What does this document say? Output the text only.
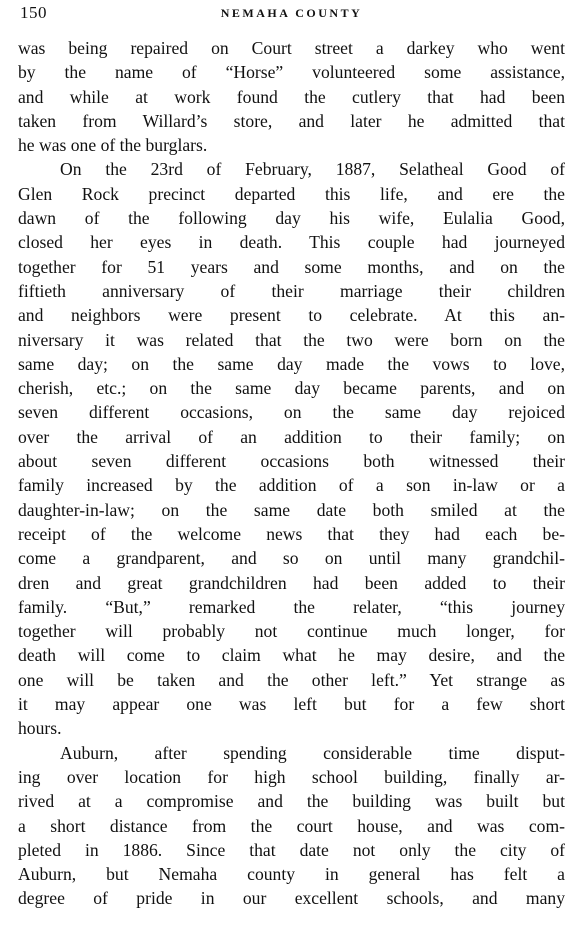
150	NEMAHA COUNTY
was being repaired on Court street a darkey who went
by the name of “Horse” volunteered some assistance,
and while at work found the cutlery that had been
taken from Willard’s store, and later he admitted that
he was one of the burglars.
On the 23rd of February, 1887, Selatheal Good of
Glen Rock precinct departed this life, and ere the
dawn of the following day his wife, Eulalia Good,
closed her eyes in death. This couple had journeyed
together for 51 years and some months, and on the
fiftieth anniversary of their marriage their children
and neighbors were present to celebrate. At this an-
niversary it was related that the two were born on the
same day; on the same day made the vows to love,
cherish, etc.; on the same day became parents, and on
seven different occasions, on the same day rejoiced
over the arrival of an addition to their family; on
about seven different occasions both witnessed their
family increased by the addition of a son in-law or a
daughter-in-law; on the same date both smiled at the
receipt of the welcome news that they had each be-
come a grandparent, and so on until many grandchil-
dren and great grandchildren had been added to their
family. “But,” remarked the relater, “this journey
together will probably not continue much longer, for
death will come to claim what he may desire, and the
one will be taken and the other left.” Yet strange as
it may appear one was left but for a few short
hours.
Auburn, after spending considerable time disput-
ing over location for high school building, finally ar-
rived at a compromise and the building was built but
a short distance from the court house, and was com-
pleted in 1886. Since that date not only the city of
Auburn, but Nemaha county in general has felt a
degree of pride in our excellent schools, and many
